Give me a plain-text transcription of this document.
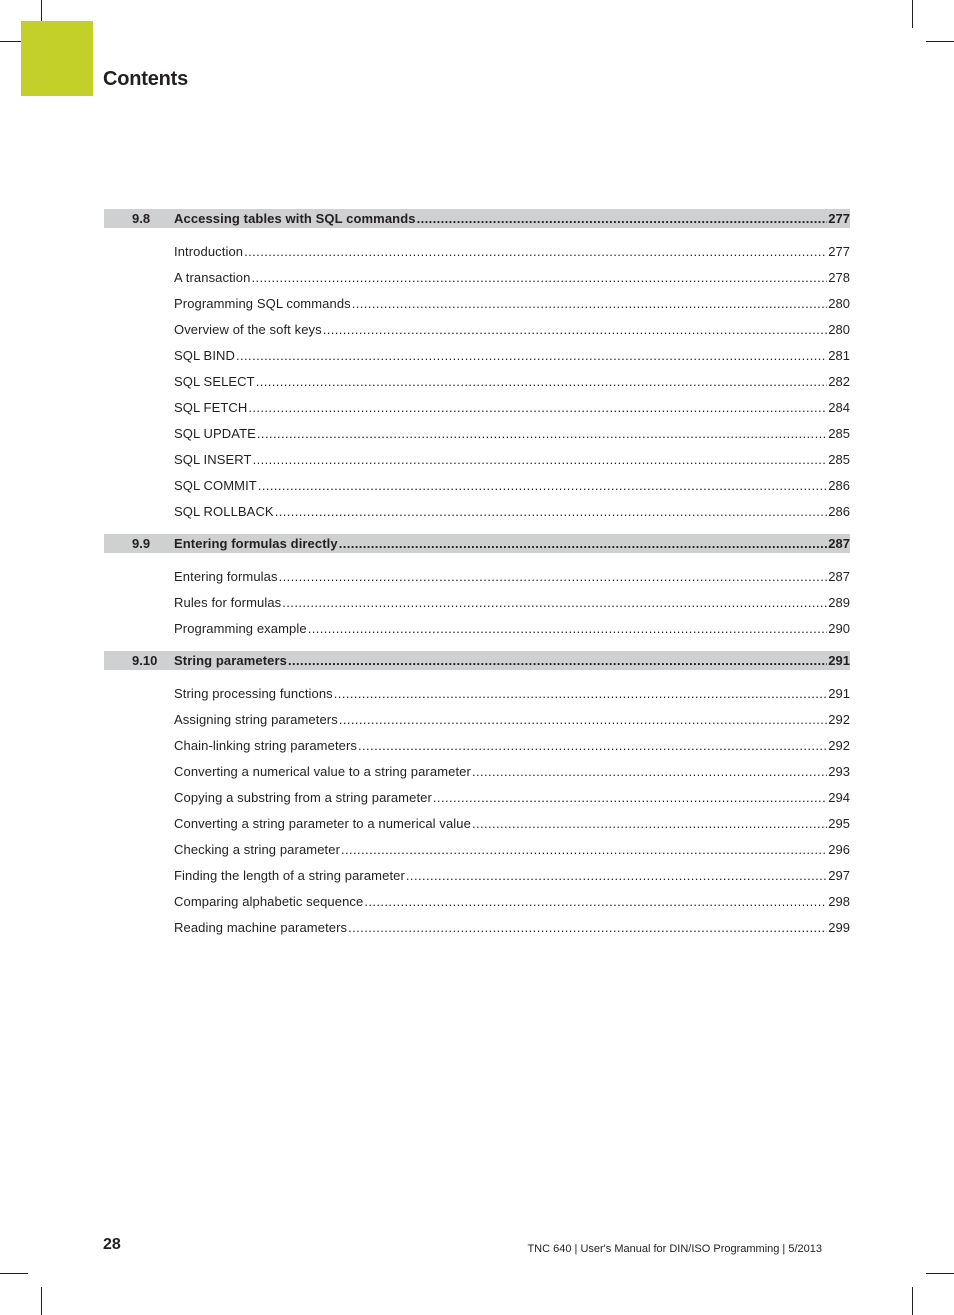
Contents
9.8	Accessing tables with SQL commands .....	277
Introduction .....	277
A transaction .....	278
Programming SQL commands .....	280
Overview of the soft keys .....	280
SQL BIND .....	281
SQL SELECT .....	282
SQL FETCH .....	284
SQL UPDATE .....	285
SQL INSERT .....	285
SQL COMMIT .....	286
SQL ROLLBACK .....	286
9.9	Entering formulas directly .....	287
Entering formulas .....	287
Rules for formulas .....	289
Programming example .....	290
9.10	String parameters .....	291
String processing functions .....	291
Assigning string parameters .....	292
Chain-linking string parameters .....	292
Converting a numerical value to a string parameter .....	293
Copying a substring from a string parameter .....	294
Converting a string parameter to a numerical value .....	295
Checking a string parameter .....	296
Finding the length of a string parameter .....	297
Comparing alphabetic sequence .....	298
Reading machine parameters .....	299
28	TNC 640 | User's Manual for DIN/ISO Programming | 5/2013
